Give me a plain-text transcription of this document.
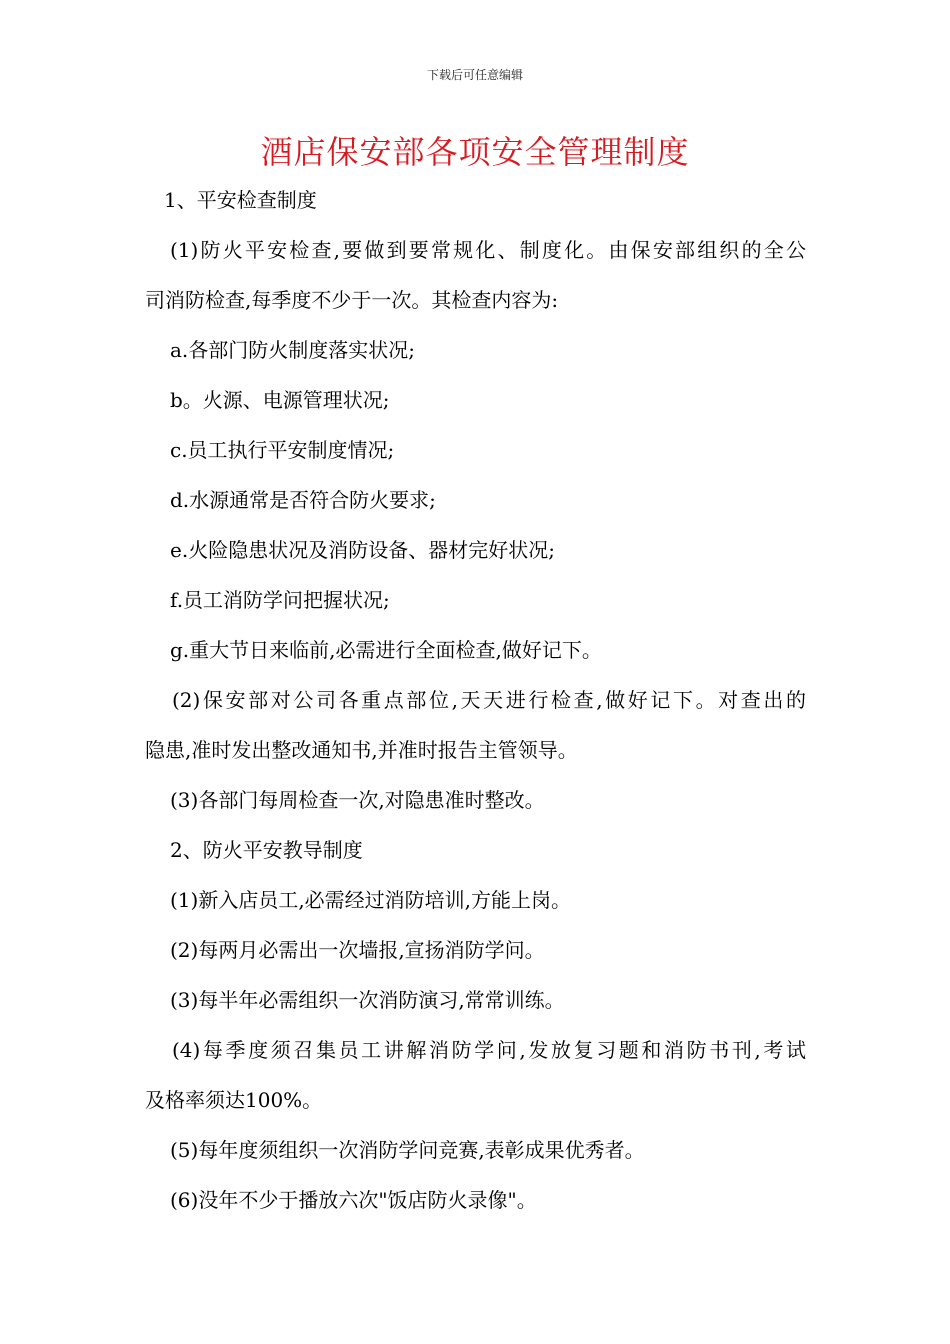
下载后可任意编辑
酒店保安部各项安全管理制度
1、平安检查制度
(1)防火平安检查,要做到要常规化、制度化。由保安部组织的全公
司消防检查,每季度不少于一次。其检查内容为:
a.各部门防火制度落实状况;
b。火源、电源管理状况;
c.员工执行平安制度情况;
d.水源通常是否符合防火要求;
e.火险隐患状况及消防设备、器材完好状况;
f.员工消防学问把握状况;
g.重大节日来临前,必需进行全面检查,做好记下。
(2)保安部对公司各重点部位,天天进行检查,做好记下。对查出的
隐患,准时发出整改通知书,并准时报告主管领导。
(3)各部门每周检查一次,对隐患准时整改。
2、防火平安教导制度
(1)新入店员工,必需经过消防培训,方能上岗。
(2)每两月必需出一次墙报,宣扬消防学问。
(3)每半年必需组织一次消防演习,常常训练。
(4)每季度须召集员工讲解消防学问,发放复习题和消防书刊,考试
及格率须达100%。
(5)每年度须组织一次消防学问竞赛,表彰成果优秀者。
(6)没年不少于播放六次"饭店防火录像"。
